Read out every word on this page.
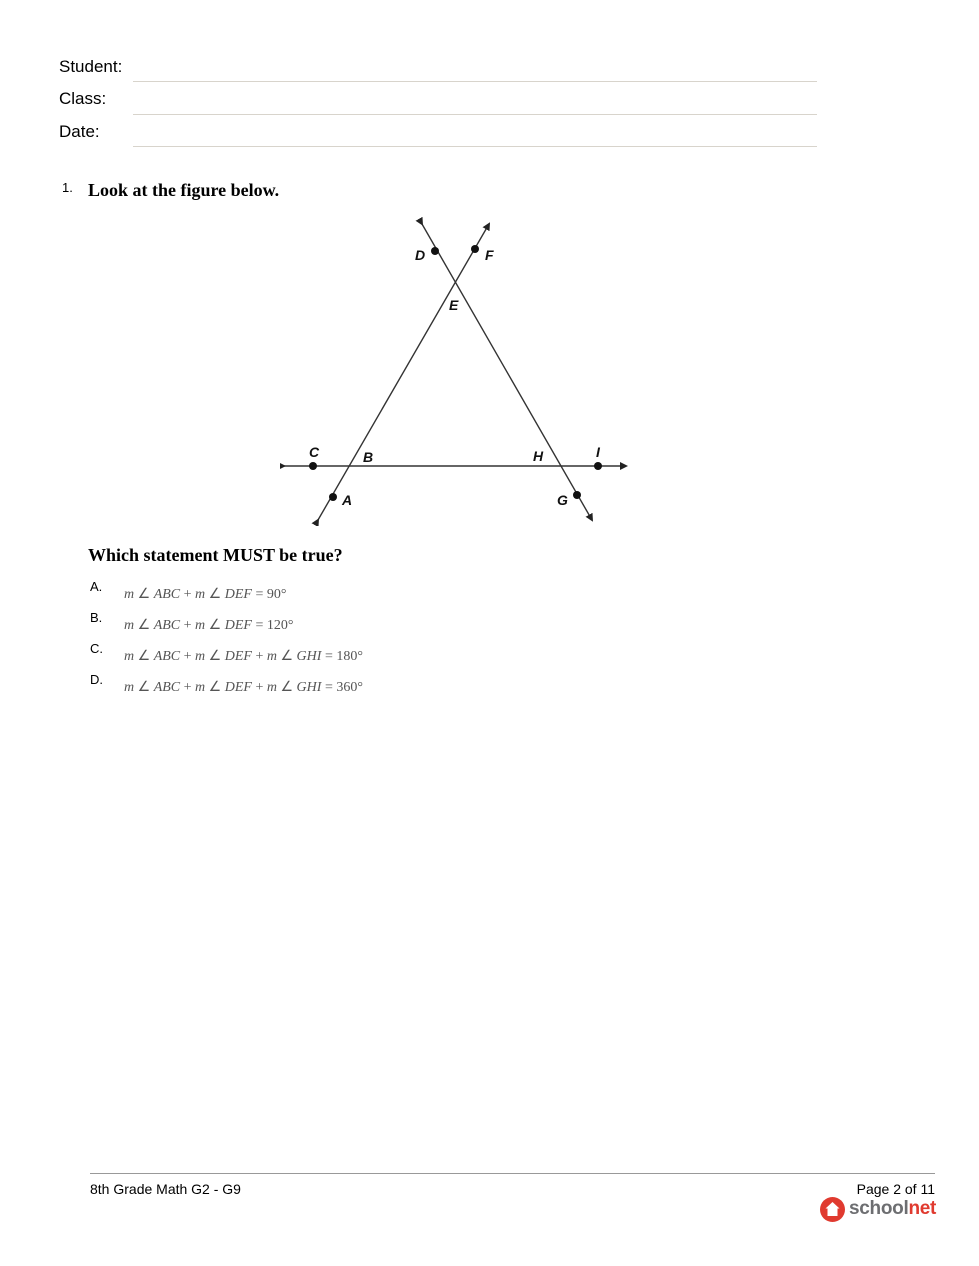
Student:
Class:
Date:
1. Look at the figure below.
D	F
E
C	B	H	I
A	G
Which statement MUST be true?
A.
m ∠ ABC + m ∠ DEF = 90°
B.
m ∠ ABC + m ∠ DEF = 120°
C.
m ∠ ABC + m ∠ DEF + m ∠ GHI = 180°
D.
m ∠ ABC + m ∠ DEF + m ∠ GHI = 360°
8th Grade Math G2 - G9	Page 2 of 11
schoolnet
